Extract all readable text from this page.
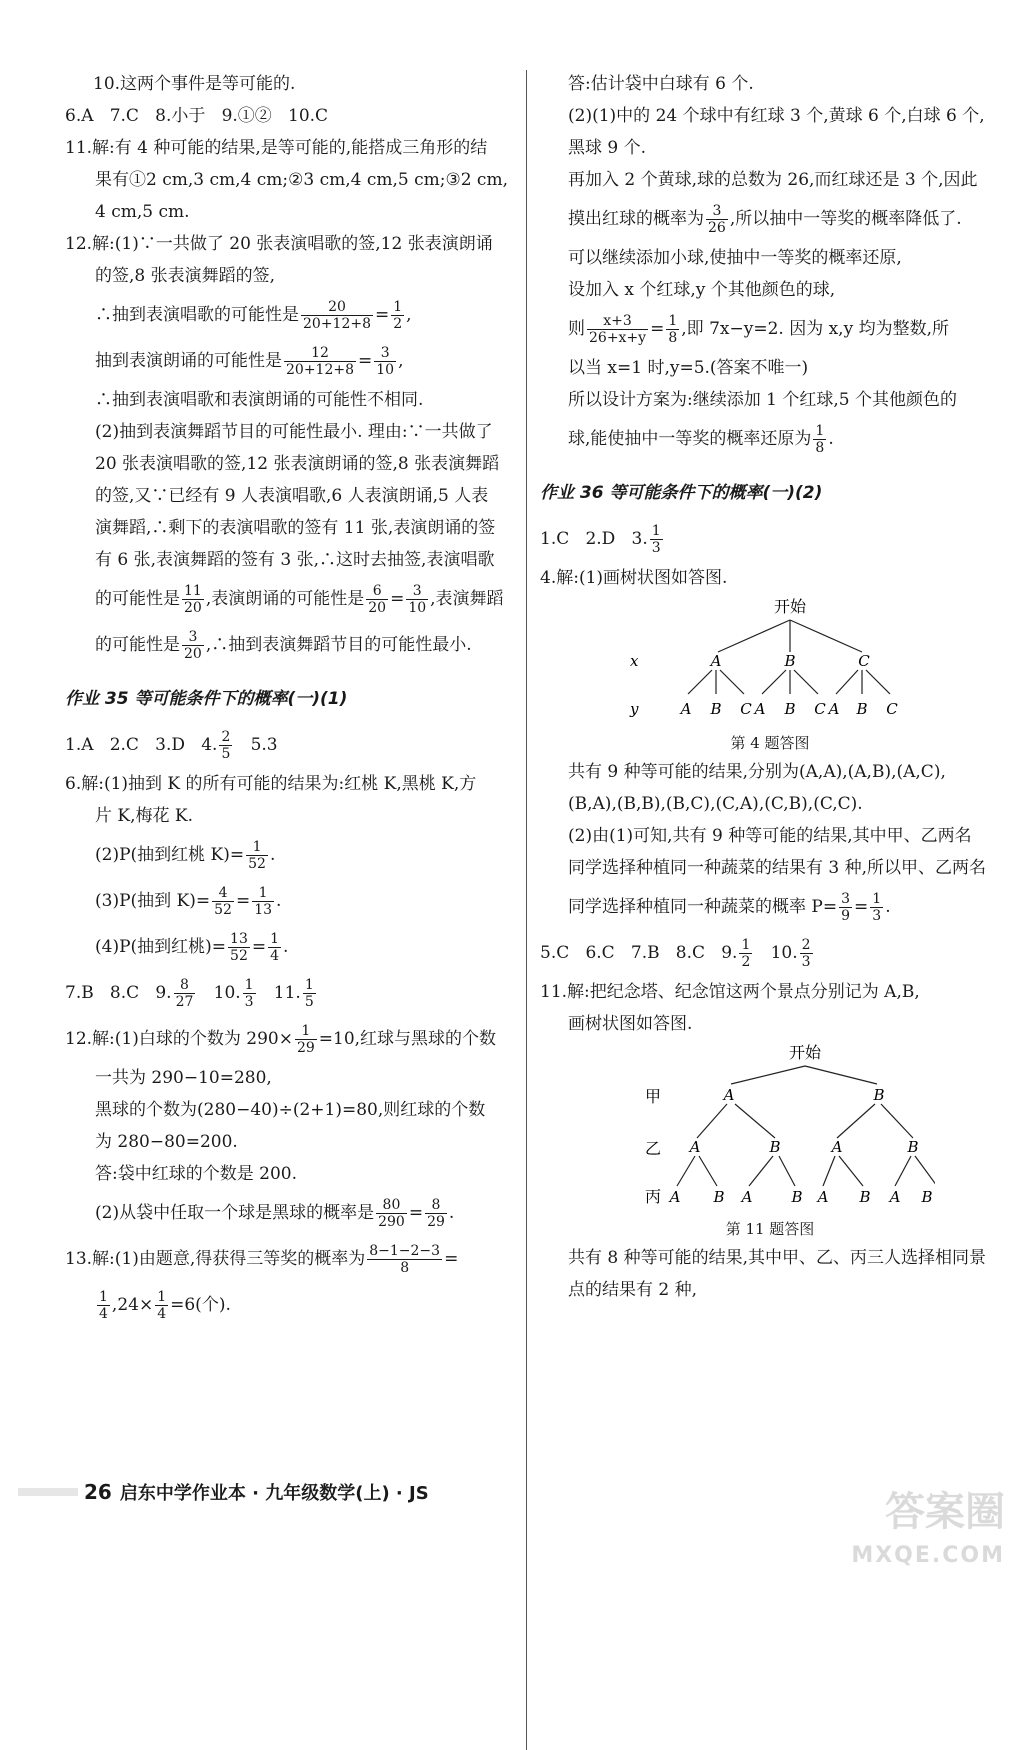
10.这两个事件是等可能的.

6.A   7.C   8.小于   9.①②   10.C

11.解:有 4 种可能的结果,是等可能的,能搭成三角形的结

果有①2 cm,3 cm,4 cm;②3 cm,4 cm,5 cm;③2 cm,

4 cm,5 cm.

12.解:(1)∵一共做了 20 张表演唱歌的签,12 张表演朗诵

的签,8 张表演舞蹈的签,

∴抽到表演唱歌的可能性是 $\frac{20}{20+12+8} = \frac{1}{2}$ ,

抽到表演朗诵的可能性是 $\frac{12}{20+12+8} = \frac{3}{10}$ ,

∴抽到表演唱歌和表演朗诵的可能性不相同.

(2)抽到表演舞蹈节目的可能性最小. 理由:∵一共做了

20 张表演唱歌的签,12 张表演朗诵的签,8 张表演舞蹈

的签,又∵已经有 9 人表演唱歌,6 人表演朗诵,5 人表

演舞蹈,∴剩下的表演唱歌的签有 11 张,表演朗诵的签

有 6 张,表演舞蹈的签有 3 张,∴这时去抽签,表演唱歌

的可能性是 $\frac{11}{20}$ ,表演朗诵的可能性是 $\frac{6}{20} = \frac{3}{10}$ ,表演舞蹈

的可能性是 $\frac{3}{20}$ ,∴抽到表演舞蹈节目的可能性最小.

作业 35 等可能条件下的概率(一)(1)

1.A   2.C   3.D   4. $\frac{2}{5} 5.3$

6.解:(1)抽到 K 的所有可能的结果为:红桃 K,黑桃 K,方

片 K,梅花 K.

(2)P(抽到红桃 $K)= \frac{1}{52}$ .

(3)P(抽到 $K)= \frac{4}{52} = \frac{1}{13}$ .

(4)P(抽到红桃)= $\frac{13}{52} = \frac{1}{4}$ .

7.B   8.C   9. $\frac{8}{27} 10$. $\frac{1}{3} 11$. $\frac{1}{5}$

12.解:(1)白球的个数为 $290\times \frac{1}{29} =10$,红球与黑球的个数

一共为 290−10=280,

黑球的个数为(280−40)÷(2+1)=80,则红球的个数

为 280−80=200.

答:袋中红球的个数是 200.

(2)从袋中任取一个球是黑球的概率是 $\frac{80}{290} = \frac{8}{29}$ .

13.解:(1)由题意,得获得三等奖的概率为 $\frac{8-1-2-3}{8}$ =

$\frac{1}{4} ,24\times \frac{1}{4} =6$(个).

答:估计袋中白球有 6 个.

(2)(1)中的 24 个球中有红球 3 个,黄球 6 个,白球 6 个,

黑球 9 个.

再加入 2 个黄球,球的总数为 26,而红球还是 3 个,因此

摸出红球的概率为 $\frac{3}{26}$ ,所以抽中一等奖的概率降低了.

可以继续添加小球,使抽中一等奖的概率还原,

设加入 x 个红球,y 个其他颜色的球,

则 $\frac{x+3}{26+x+y} = \frac{1}{8}$ ,即 7x−y=2. 因为 x,y 均为整数,所

以当 x=1 时,y=5.(答案不唯一)

所以设计方案为:继续添加 1 个红球,5 个其他颜色的

球,能使抽中一等奖的概率还原为 $\frac{1}{8}$ .

作业 36 等可能条件下的概率(一)(2)

1.C   2.D   3. $\frac{1}{3}$

4.解:(1)画树状图如答图.

开始
x
y
A	B	C
A B C A B C A B C

第 4 题答图

共有 9 种等可能的结果,分别为(A,A),(A,B),(A,C),

(B,A),(B,B),(B,C),(C,A),(C,B),(C,C).

(2)由(1)可知,共有 9 种等可能的结果,其中甲、乙两名

同学选择种植同一种蔬菜的结果有 3 种,所以甲、乙两名

同学选择种植同一种蔬菜的概率 $P= \frac{3}{9} = \frac{1}{3}$ .

5.C   6.C   7.B   8.C   9. $\frac{1}{2} 10$. $\frac{2}{3}$

11.解:把纪念塔、纪念馆这两个景点分别记为 A,B,

画树状图如答图.

开始
甲
乙
丙
A	B
A	B	A	B
A B A	B A B A B

第 11 题答图

共有 8 种等可能的结果,其中甲、乙、丙三人选择相同景

点的结果有 2 种,

26 启东中学作业本 · 九年级数学(上) · JS	答案圈
MXQE.COM
